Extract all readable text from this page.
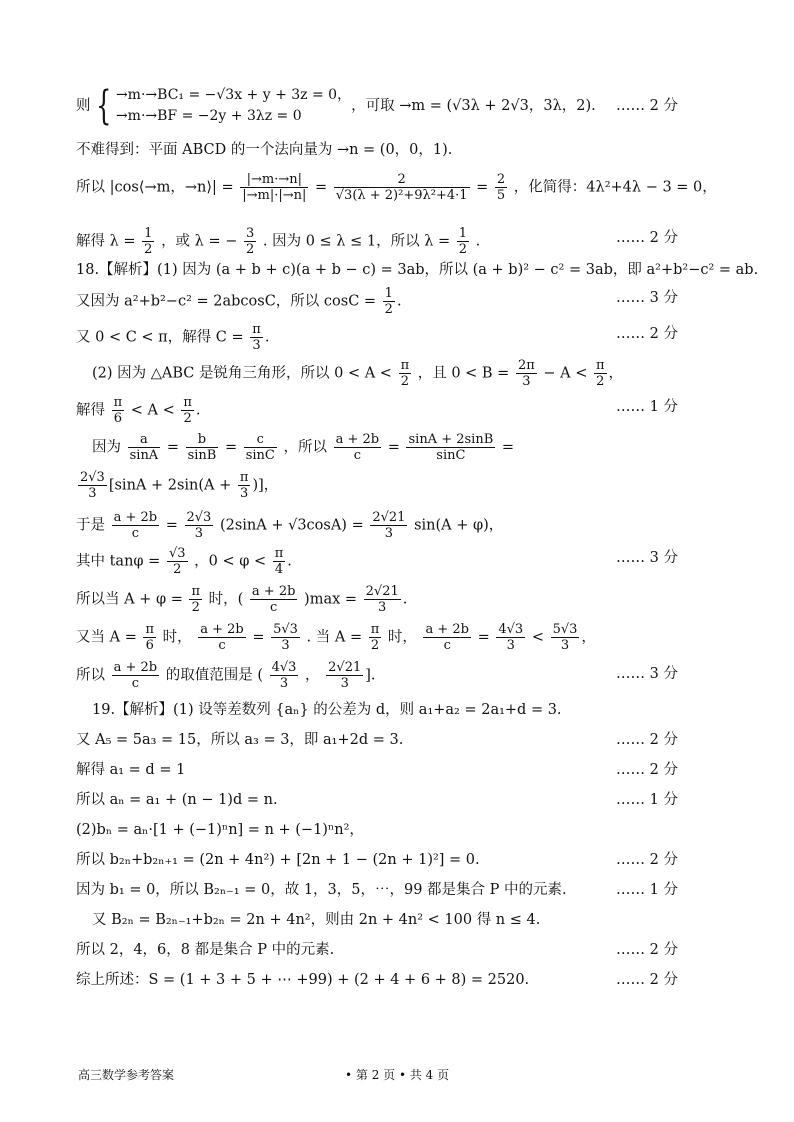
则 { →m·→BC₁ = −√3x + y + 3z = 0，
→m·→BF = −2y + 3λz = 0
，可取 →m = (√3λ + 2√3，3λ，2). …… 2 分
不难得到：平面 ABCD 的一个法向量为 →n = (0，0，1).
所以 |cos⟨→m，→n⟩| = $\frac{|\to m\cdot\to n|}{|\to m|\cdot|\to n|} = \frac{2}{\text{√3(λ + 2)²+9λ²+4·1}} = \frac{2}{5}$ ，化简得：4λ²+4λ − 3 = 0，
解得 $\lambda = \frac{1}{2}$ ，或 λ = − $\frac{3}{2}$ . 因为 0 ≤ λ ≤ 1，所以 $\lambda = \frac{1}{2}$ .	…… 2 分
18.【解析】(1) 因为 (a + b + c)(a + b − c) = 3ab，所以 (a + b)² − c² = 3ab，即 a²+b²−c² = ab.
又因为 a²+b²−c² = 2abcosC，所以 $\cos C = \frac{1}{2}$ .	…… 3 分
又 0 < C < π，解得 $C = \frac{\pi}{3}$ .	…… 2 分
(2) 因为 △ABC 是锐角三角形，所以 $0 < A < \frac{\pi}{2}$ ，且 $0 < B = \frac{2\pi}{3} - A < \frac{\pi}{2}$ ，
解得 $\frac{\pi}{6} < A < \frac{\pi}{2}$ .	…… 1 分
因为 $\frac{a}{\sin A} = \frac{b}{\sin B} = \frac{c}{\sin C}$ ，所以 $\frac{a + 2b}{c} = \frac{\sin A + 2\sin B}{\sin C}$ =
$\frac{2√3}{3} [\sin A + 2\sin(A + \frac{\pi}{3}$ )]，
于是 $\frac{a + 2b}{c} = \frac{2√3}{3} (2\sin A + √3\cos A) = \frac{2√21}{3} \sin(A + \varphi)$，
其中 $\tan\varphi = \frac{√3}{2}$ ，$0 < \varphi < \frac{\pi}{4}$ .	…… 3 分
所以当 $A + \varphi = \frac{\pi}{2}$ 时，( $\frac{a + 2b}{c} )\max = \frac{2√21}{3}$ .
又当 $A = \frac{\pi}{6}$ 时， $\frac{a + 2b}{c} = \frac{5√3}{3}$ . 当 $A = \frac{\pi}{2}$ 时， $\frac{a + 2b}{c} = \frac{4√3}{3} < \frac{5√3}{3}$ ，
所以 $\frac{a + 2b}{c}$ 的取值范围是 ( $\frac{4√3}{3}$ ， $\frac{2√21}{3}$ ].	…… 3 分
19.【解析】(1) 设等差数列 {aₙ} 的公差为 d，则 a₁+a₂ = 2a₁+d = 3.
又 A₅ = 5a₃ = 15，所以 a₃ = 3，即 a₁+2d = 3.	…… 2 分
解得 a₁ = d = 1	…… 2 分
所以 aₙ = a₁ + (n − 1)d = n.	…… 1 分
(2)bₙ = aₙ·[1 + (−1)ⁿn] = n + (−1)ⁿn²，
所以 b₂ₙ+b₂ₙ₊₁ = (2n + 4n²) + [2n + 1 − (2n + 1)²] = 0.	…… 2 分
因为 b₁ = 0，所以 B₂ₙ₋₁ = 0，故 1，3，5，⋯，99 都是集合 P 中的元素.	…… 1 分
又 B₂ₙ = B₂ₙ₋₁+b₂ₙ = 2n + 4n²，则由 2n + 4n² < 100 得 n ≤ 4.
所以 2，4，6，8 都是集合 P 中的元素.	…… 2 分
综上所述：S = (1 + 3 + 5 + ⋯ +99) + (2 + 4 + 6 + 8) = 2520.	…… 2 分
高三数学参考答案	• 第 2 页 • 共 4 页
